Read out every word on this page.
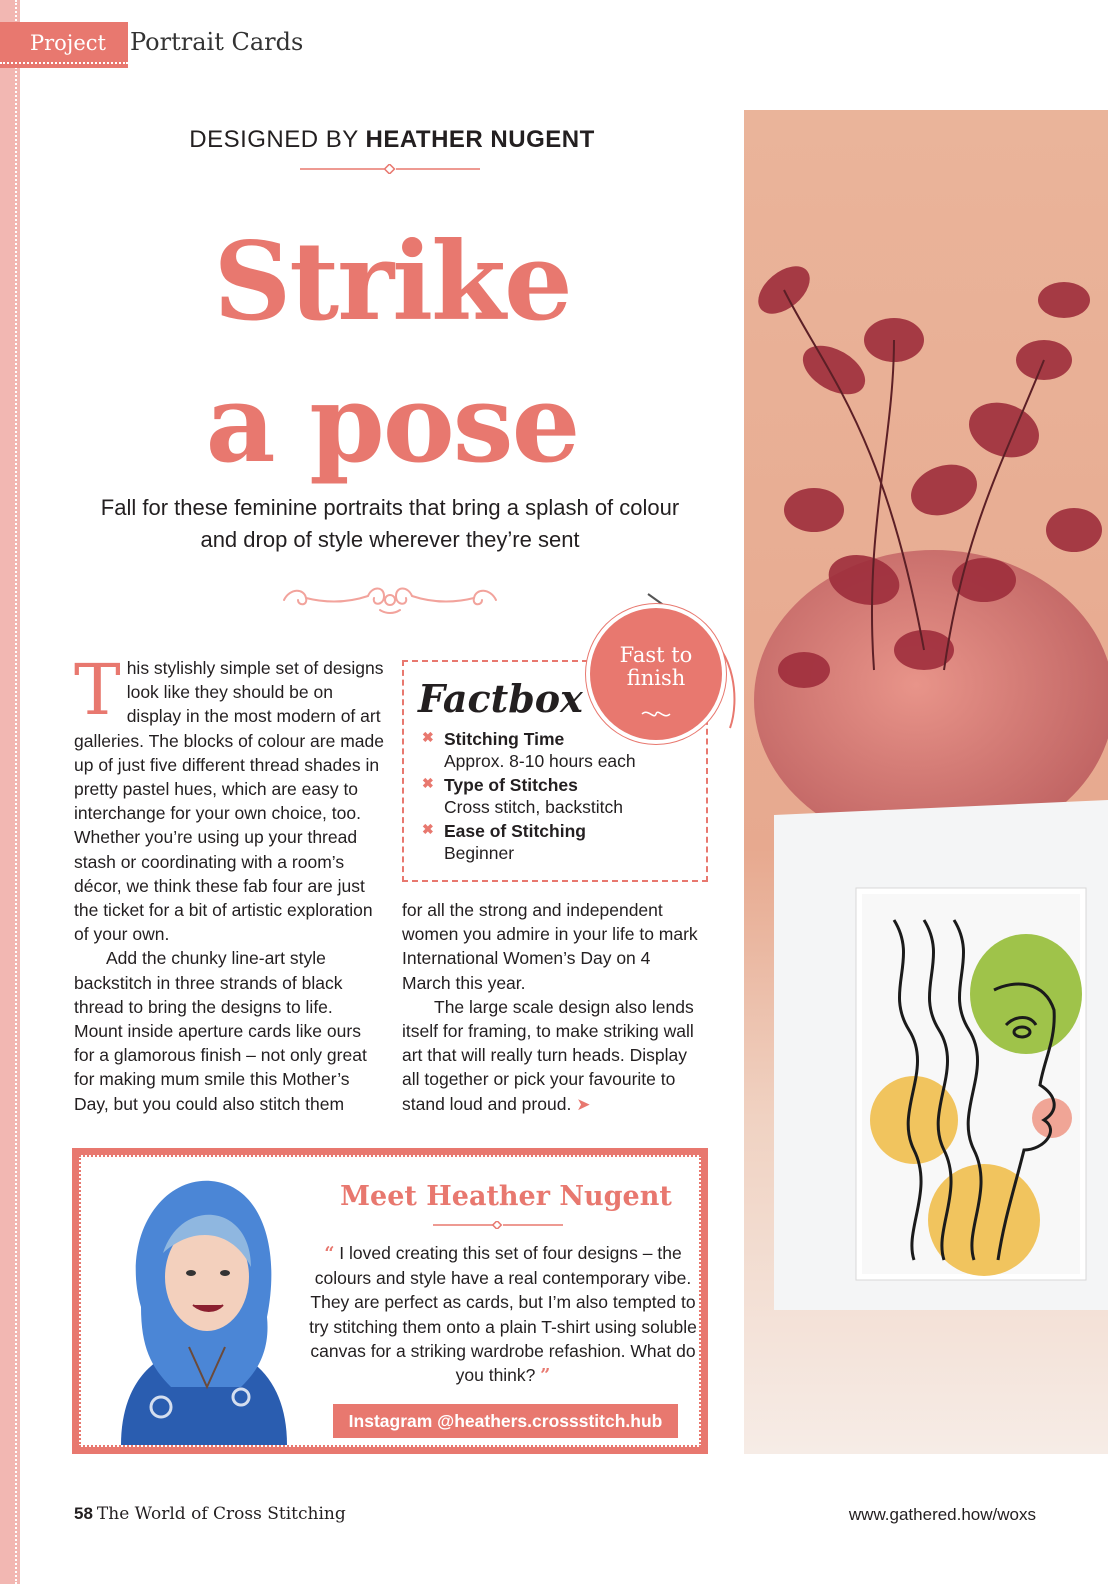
Project Portrait Cards
DESIGNED BY HEATHER NUGENT
Strike
a pose
Fall for these feminine portraits that bring a splash of colour and drop of style wherever they’re sent

This stylishly simple set of designs look like they should be on display in the most modern of art galleries. The blocks of colour are made up of just five different thread shades in pretty pastel hues, which are easy to interchange for your own choice, too. Whether you’re using up your thread stash or coordinating with a room’s décor, we think these fab four are just the ticket for a bit of artistic exploration of your own.

Add the chunky line-art style backstitch in three strands of black thread to bring the designs to life. Mount inside aperture cards like ours for a glamorous finish – not only great for making mum smile this Mother’s Day, but you could also stitch them

for all the strong and independent women you admire in your life to mark International Women’s Day on 4 March this year.

The large scale design also lends itself for framing, to make striking wall art that will really turn heads. Display all together or pick your favourite to stand loud and proud. ➤

Factbox
✖ Stitching Time
Approx. 8-10 hours each
✖ Type of Stitches
Cross stitch, backstitch
✖ Ease of Stitching
Beginner
Fast to
finish
Meet Heather Nugent
“ I loved creating this set of four designs – the colours and style have a real contemporary vibe. They are perfect as cards, but I’m also tempted to try stitching them onto a plain T-shirt using soluble canvas for a striking wardrobe refashion. What do you think? ”
Instagram @heathers.crossstitch.hub
58 The World of Cross Stitching	www.gathered.how/woxs
